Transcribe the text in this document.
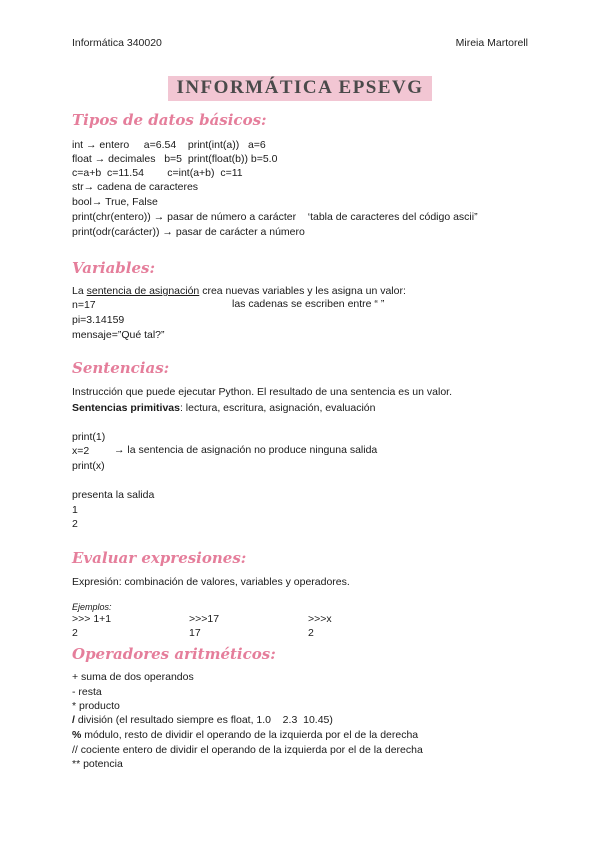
Informática 340020	Mireia Martorell
INFORMÁTICA EPSEVG
Tipos de datos básicos:
int → entero     a=6.54    print(int(a))   a=6
float → decimales   b=5  print(float(b)) b=5.0
c=a+b  c=11.54        c=int(a+b)  c=11
str→ cadena de caracteres
bool→ True, False
print(chr(entero)) → pasar de número a carácter    ‘tabla de caracteres del código ascii”
print(odr(carácter)) → pasar de carácter a número
Variables:
La sentencia de asignación crea nuevas variables y les asigna un valor:
n=17	las cadenas se escriben entre “ ”
pi=3.14159
mensaje=”Qué tal?”
Sentencias:
Instrucción que puede ejecutar Python. El resultado de una sentencia es un valor.
Sentencias primitivas: lectura, escritura, asignación, evaluación
print(1)
x=2 → la sentencia de asignación no produce ninguna salida
print(x)
presenta la salida
1
2
Evaluar expresiones:
Expresión: combinación de valores, variables y operadores.
Ejemplos:
>>> 1+1
2
>>>17
17
>>>x
2
Operadores aritméticos:
+ suma de dos operandos
- resta
* producto
/ división (el resultado siempre es float, 1.0    2.3  10.45)
% módulo, resto de dividir el operando de la izquierda por el de la derecha
// cociente entero de dividir el operando de la izquierda por el de la derecha
** potencia
